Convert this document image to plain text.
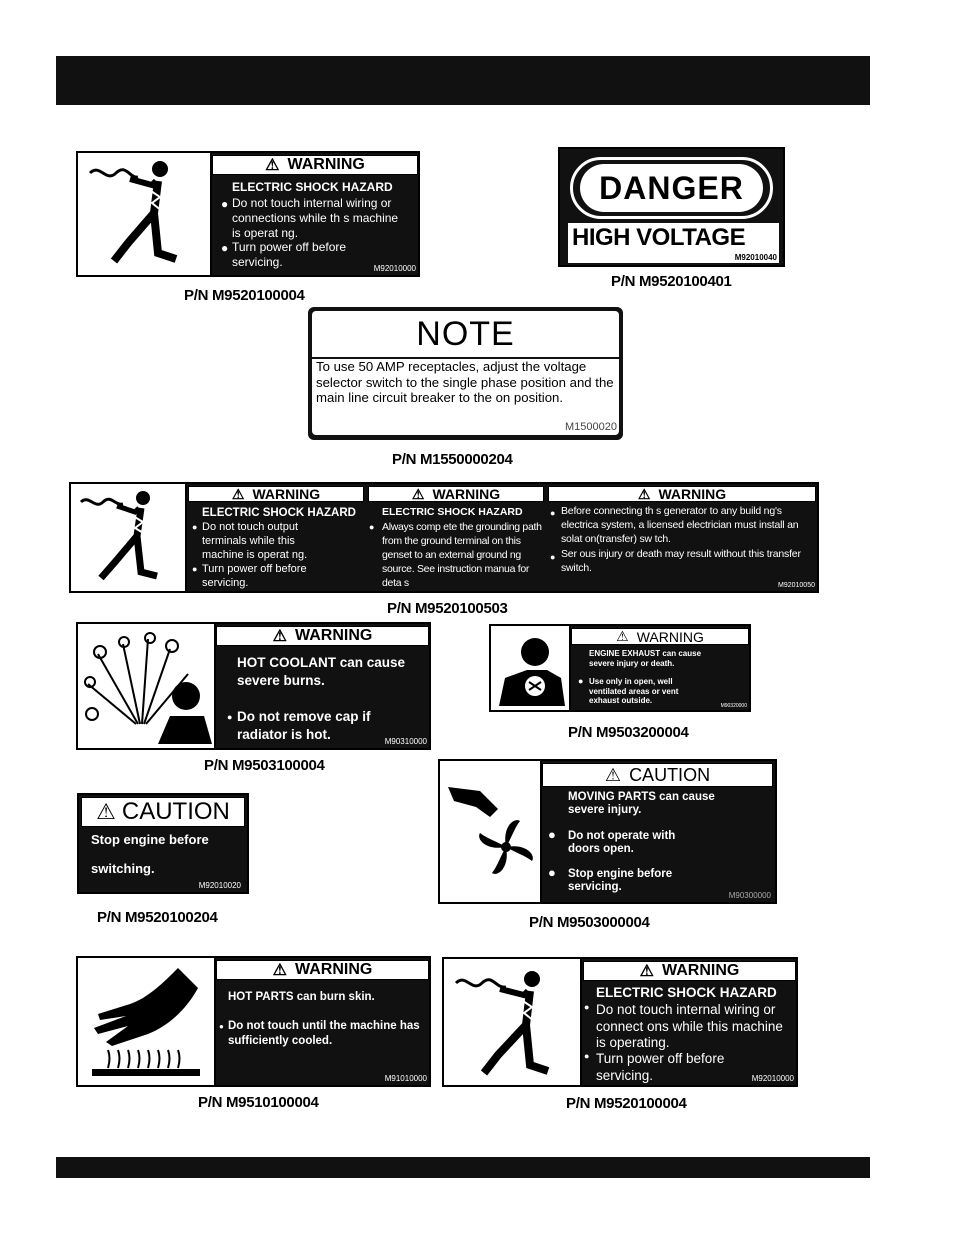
⚠ WARNING
ELECTRIC SHOCK HAZARD
● Do not touch internal wiring or connections while th s machine is operat ng.
● Turn power off before servicing.	M92010000
P/N M9520100004
DANGER
HIGH VOLTAGE
M92010040
P/N M9520100401
NOTE
To use 50 AMP receptacles, adjust the voltage selector switch to the single phase position and the main line circuit breaker to the on position.
M1500020
P/N M1550000204
⚠ WARNING	⚠ WARNING	⚠ WARNING
ELECTRIC SHOCK HAZARD
● Do not touch output terminals while this machine is operat ng.
● Turn power off before servicing.
ELECTRIC SHOCK HAZARD
● Always comp ete the grounding path from the ground terminal on this genset to an external ground ng source. See instruction manua for deta s
● Before connecting th s generator to any build ng's electrica system, a licensed electrician must install an solat on(transfer) sw tch.
● Ser ous injury or death may result without this transfer switch.
M92010050
P/N M9520100503
⚠ WARNING
HOT COOLANT can cause severe burns.
● Do not remove cap if radiator is hot.	M90310000
P/N M9503100004
⚠ WARNING
ENGINE EXHAUST can cause severe injury or death.
● Use only in open, well ventilated areas or vent exhaust outside.
M90320000
P/N M9503200004
⚠ CAUTION
Stop engine before
switching.
M92010020
P/N M9520100204
⚠ CAUTION
MOVING PARTS can cause severe injury.
● Do not operate with doors open.
● Stop engine before servicing.
M90300000
P/N M9503000004
⚠ WARNING
HOT PARTS can burn skin.
● Do not touch until the machine has sufficiently cooled.
M91010000
P/N M9510100004
⚠ WARNING
ELECTRIC SHOCK HAZARD
● Do not touch internal wiring or connect ons while this machine is operating.
● Turn power off before servicing.	M92010000
P/N M9520100004
